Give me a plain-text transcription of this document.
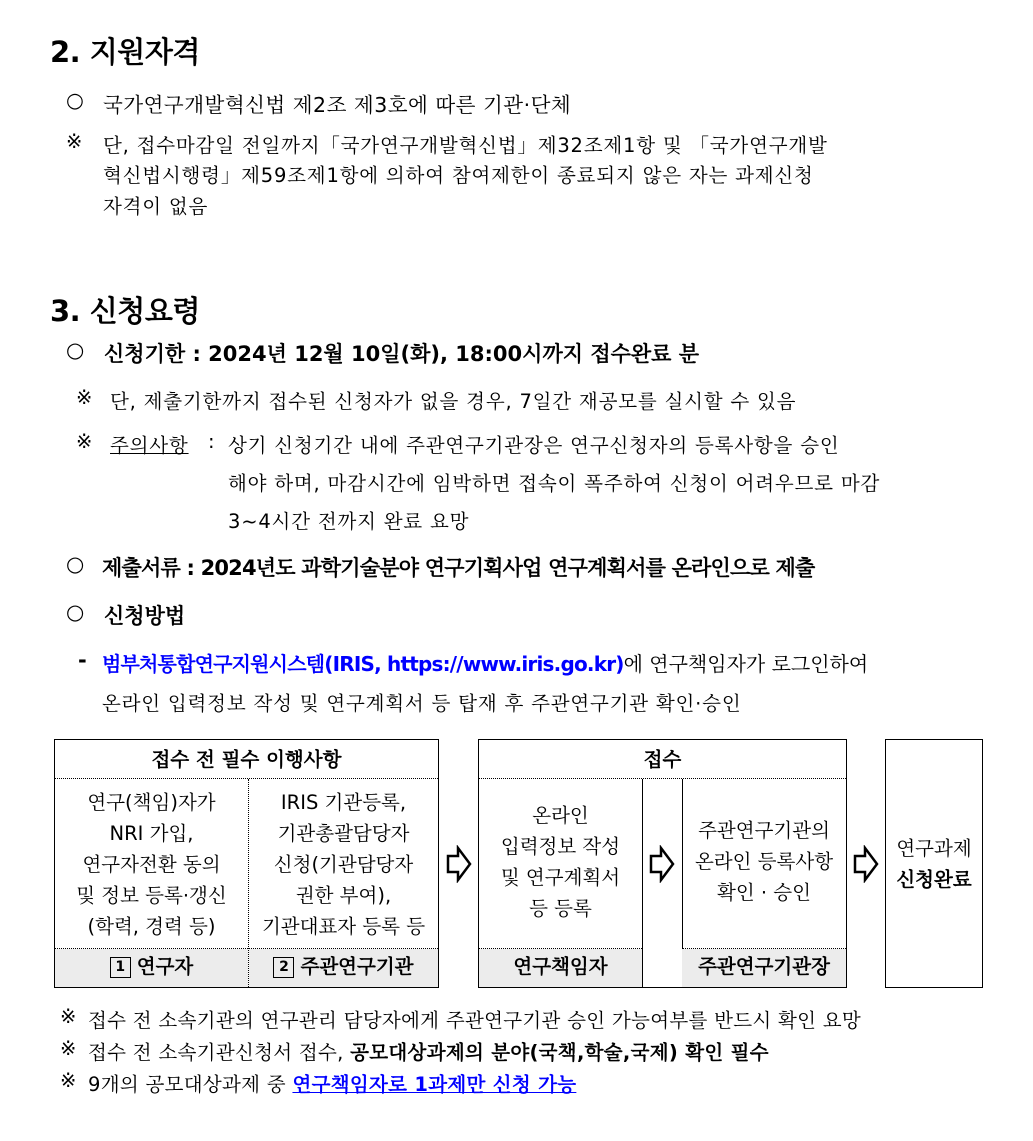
2. 지원자격
○ 국가연구개발혁신법 제2조 제3호에 따른 기관·단체
※ 단, 접수마감일 전일까지「국가연구개발혁신법」제32조제1항 및 「국가연구개발
혁신법시행령」제59조제1항에 의하여 참여제한이 종료되지 않은 자는 과제신청
자격이 없음
3. 신청요령
○ 신청기한 : 2024년 12월 10일(화), 18:00시까지 접수완료 분
※ 단, 제출기한까지 접수된 신청자가 없을 경우, 7일간 재공모를 실시할 수 있음
※ 주의사항 : 상기 신청기간 내에 주관연구기관장은 연구신청자의 등록사항을 승인
해야 하며, 마감시간에 임박하면 접속이 폭주하여 신청이 어려우므로 마감
3~4시간 전까지 완료 요망
○ 제출서류 : 2024년도 과학기술분야 연구기획사업 연구계획서를 온라인으로 제출
○ 신청방법
- 범부처통합연구지원시스템(IRIS, https://www.iris.go.kr)에 연구책임자가 로그인하여
온라인 입력정보 작성 및 연구계획서 등 탑재 후 주관연구기관 확인·승인
접수 전 필수 이행사항
연구(책임)자가
NRI 가입,
연구자전환 동의
및 정보 등록·갱신
(학력, 경력 등)
IRIS 기관등록,
기관총괄담당자
신청(기관담당자
권한 부여),
기관대표자 등록 등
1 연구자	2 주관연구기관
접수
온라인
입력정보 작성
및 연구계획서
등 등록
주관연구기관의
온라인 등록사항
확인 · 승인
연구책임자	주관연구기관장
연구과제
신청완료
※ 접수 전 소속기관의 연구관리 담당자에게 주관연구기관 승인 가능여부를 반드시 확인 요망
※ 접수 전 소속기관신청서 접수, 공모대상과제의 분야(국책,학술,국제) 확인 필수
※ 9개의 공모대상과제 중 연구책임자로 1과제만 신청 가능
